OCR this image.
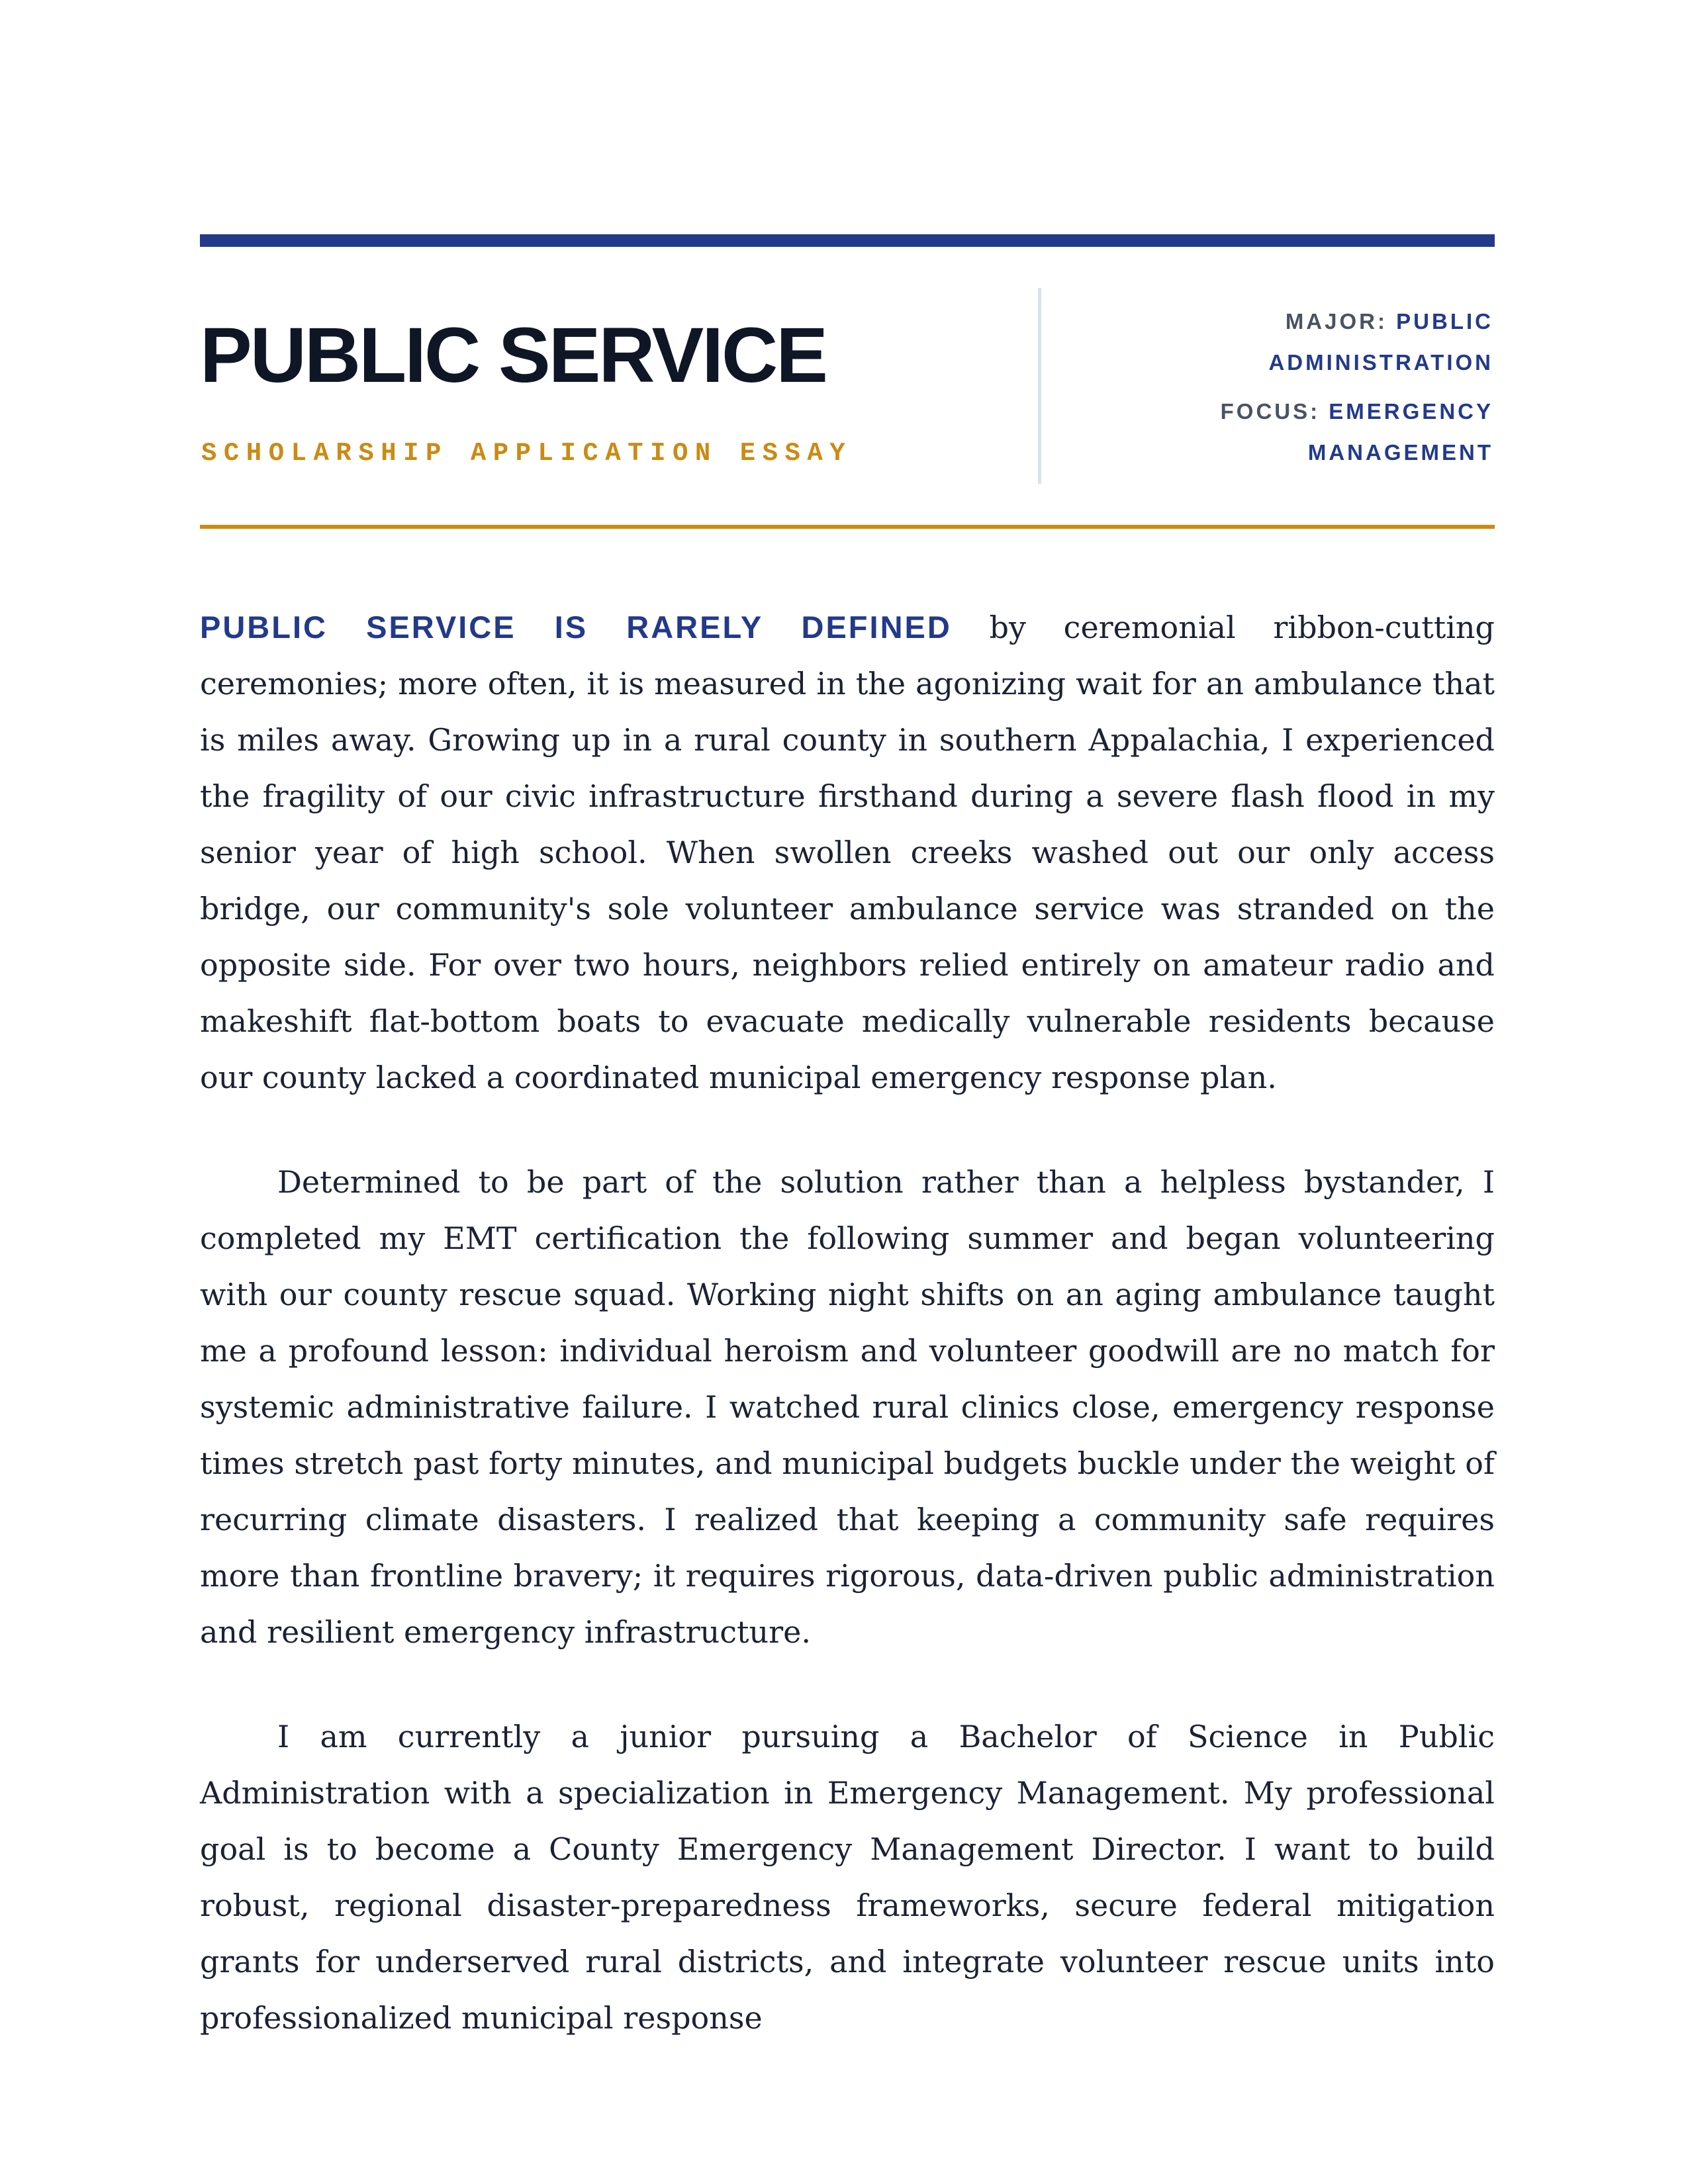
PUBLIC SERVICE
SCHOLARSHIP APPLICATION ESSAY
MAJOR: PUBLIC ADMINISTRATION
FOCUS: EMERGENCY MANAGEMENT

PUBLIC SERVICE IS RARELY DEFINED by ceremonial ribbon-cutting ceremonies; more often, it is measured in the agonizing wait for an ambulance that is miles away. Growing up in a rural county in southern Appalachia, I experienced the fragility of our civic infrastructure firsthand during a severe flash flood in my senior year of high school. When swollen creeks washed out our only access bridge, our community's sole volunteer ambulance service was stranded on the opposite side. For over two hours, neighbors relied entirely on amateur radio and makeshift flat-bottom boats to evacuate medically vulnerable residents because our county lacked a coordinated municipal emergency response plan.

Determined to be part of the solution rather than a helpless bystander, I completed my EMT certification the following summer and began volunteering with our county rescue squad. Working night shifts on an aging ambulance taught me a profound lesson: individual heroism and volunteer goodwill are no match for systemic administrative failure. I watched rural clinics close, emergency response times stretch past forty minutes, and municipal budgets buckle under the weight of recurring climate disasters. I realized that keeping a community safe requires more than frontline bravery; it requires rigorous, data-driven public administration and resilient emergency infrastructure.

I am currently a junior pursuing a Bachelor of Science in Public Administration with a specialization in Emergency Management. My professional goal is to become a County Emergency Management Director. I want to build robust, regional disaster-preparedness frameworks, secure federal mitigation grants for underserved rural districts, and integrate volunteer rescue units into professionalized municipal response
